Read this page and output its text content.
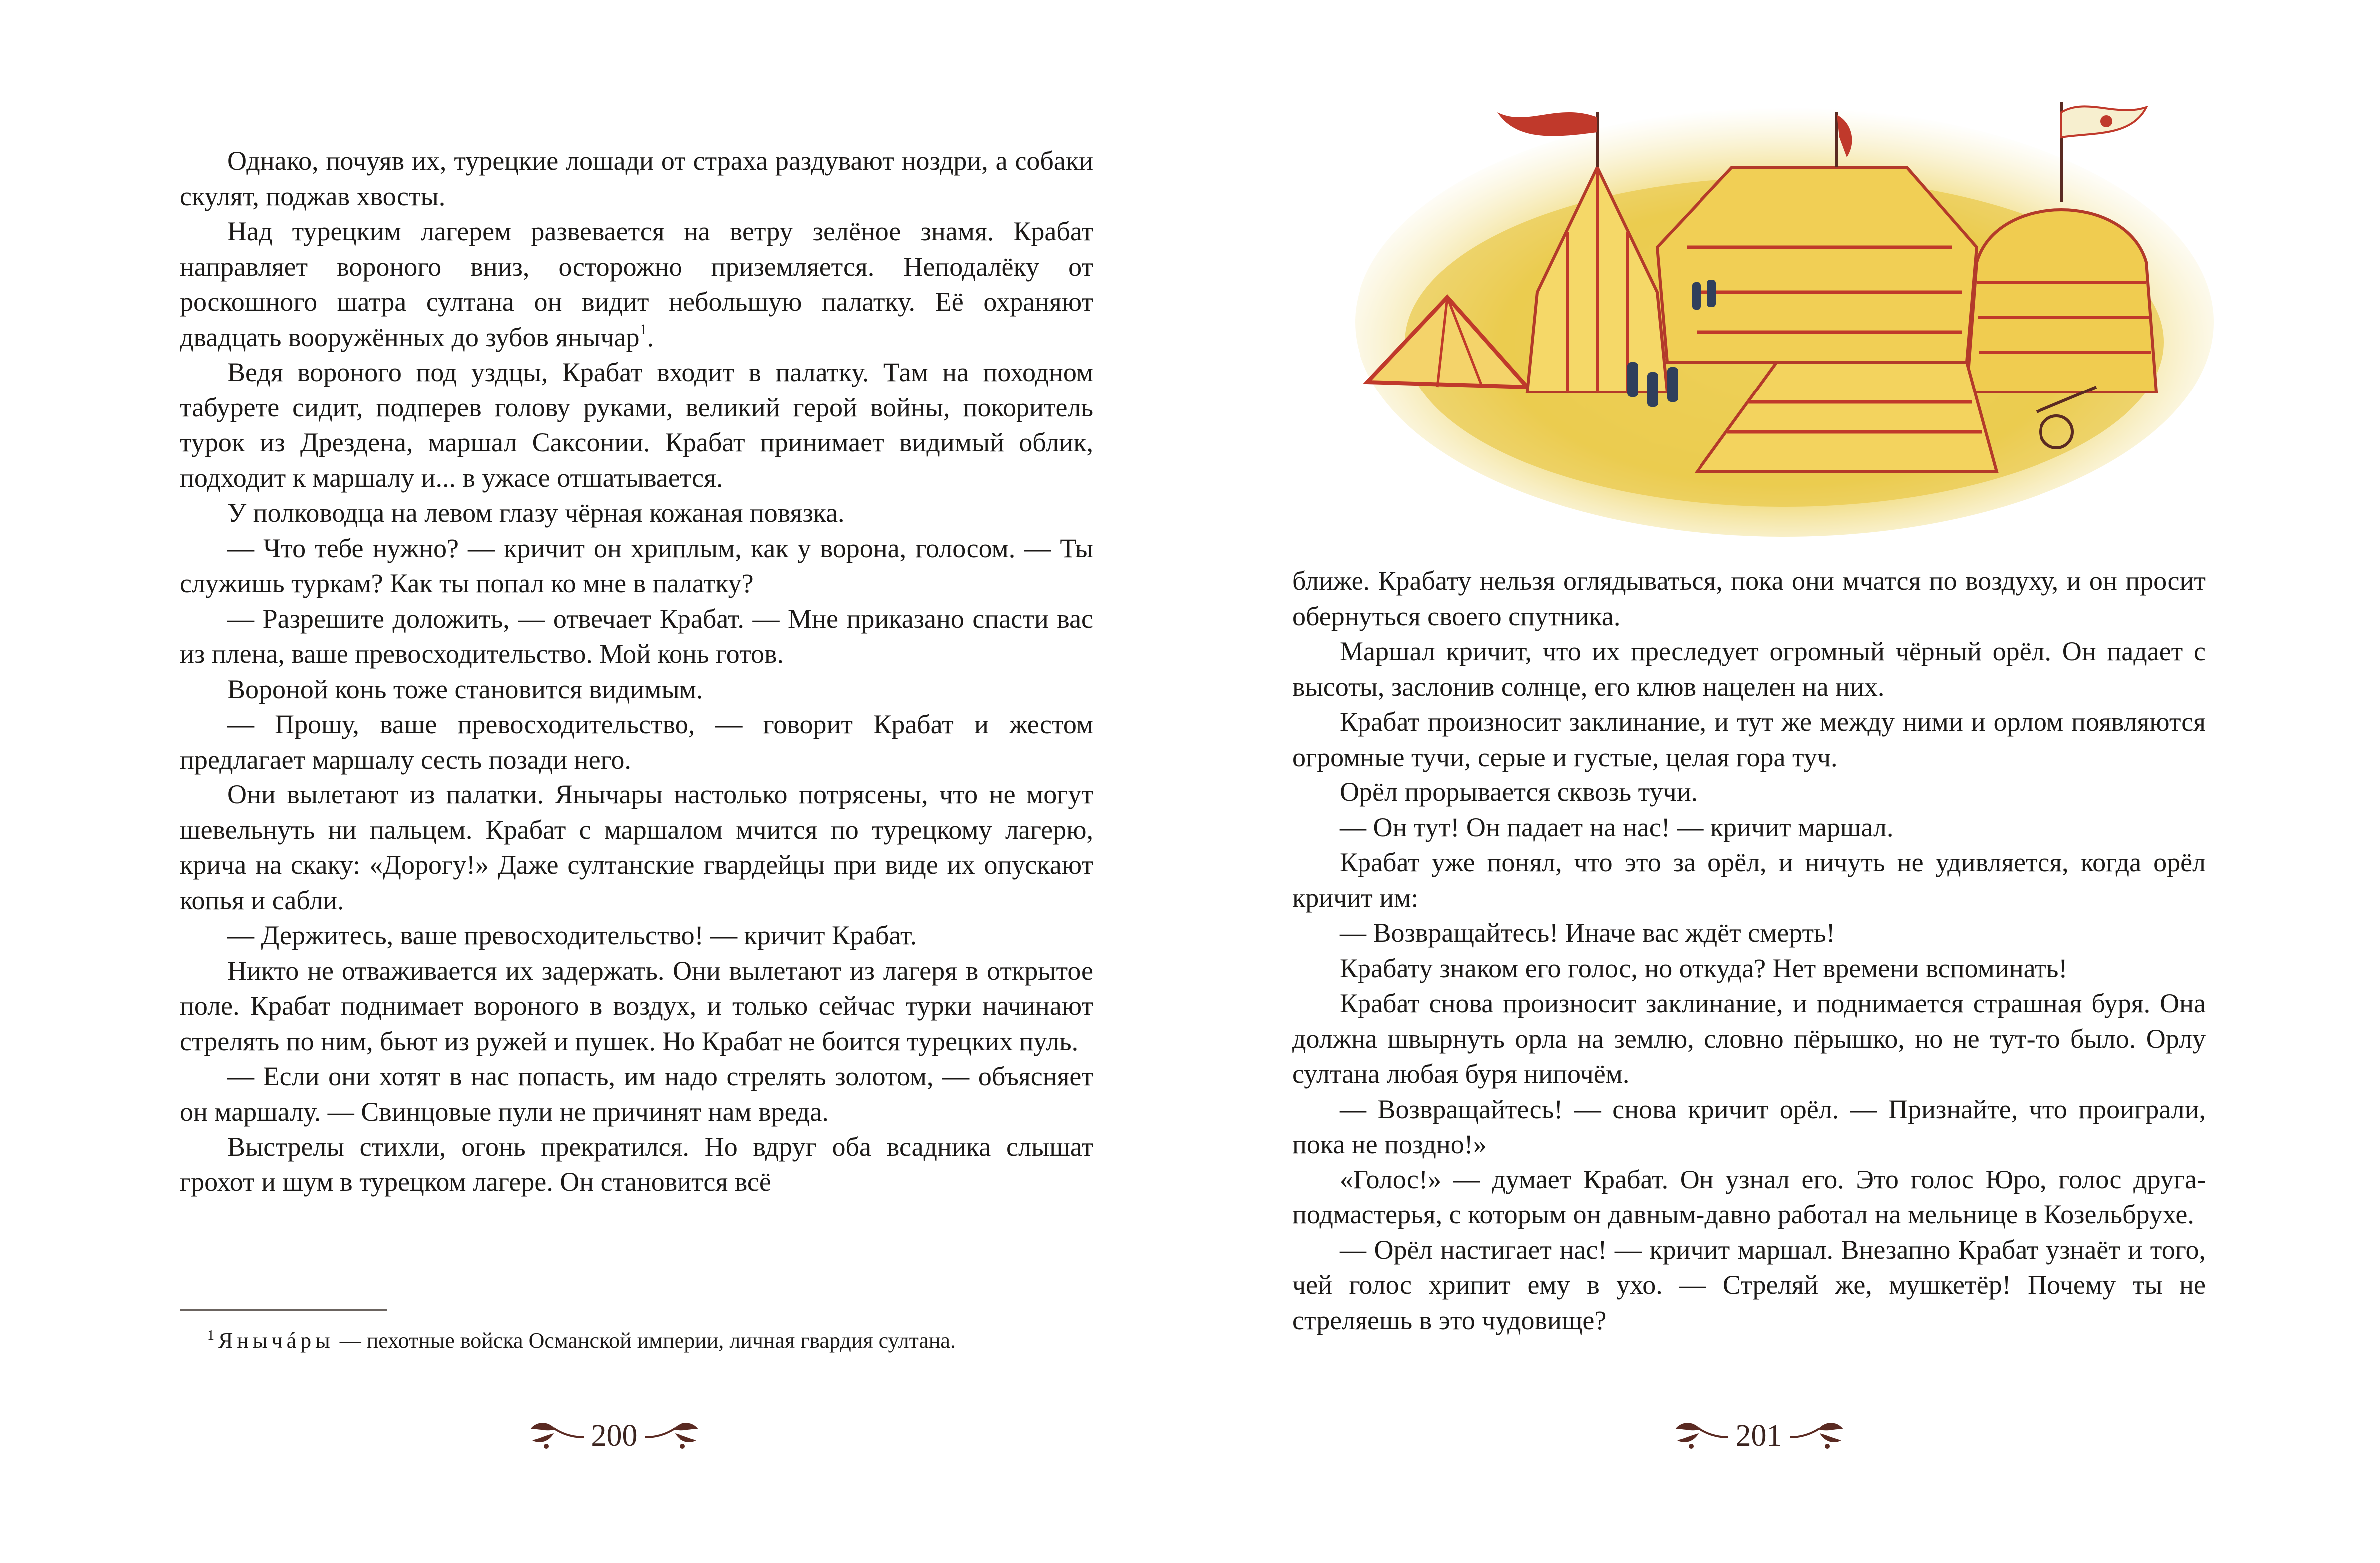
Однако, почуяв их, турецкие лошади от страха раздувают ноздри, а собаки скулят, поджав хвосты.

Над турецким лагерем развевается на ветру зелёное знамя. Крабат направляет вороного вниз, осторожно приземляется. Неподалёку от роскошного шатра султана он видит небольшую палатку. Её охраняют двадцать вооружённых до зубов янычар$^1$.

Ведя вороного под уздцы, Крабат входит в палатку. Там на походном табурете сидит, подперев голову руками, великий герой войны, покоритель турок из Дрездена, маршал Саксонии. Крабат принимает видимый облик, подходит к маршалу и... в ужасе отшатывается.

У полководца на левом глазу чёрная кожаная повязка.

— Что тебе нужно? — кричит он хриплым, как у ворона, голосом. — Ты служишь туркам? Как ты попал ко мне в палатку?

— Разрешите доложить, — отвечает Крабат. — Мне приказано спасти вас из плена, ваше превосходительство. Мой конь готов.

Вороной конь тоже становится видимым.

— Прошу, ваше превосходительство, — говорит Крабат и жестом предлагает маршалу сесть позади него.

Они вылетают из палатки. Янычары настолько потрясены, что не могут шевельнуть ни пальцем. Крабат с маршалом мчится по турецкому лагерю, крича на скаку: «Дорогу!» Даже султанские гвардейцы при виде их опускают копья и сабли.

— Держитесь, ваше превосходительство! — кричит Крабат.

Никто не отваживается их задержать. Они вылетают из лагеря в открытое поле. Крабат поднимает вороного в воздух, и только сейчас турки начинают стрелять по ним, бьют из ружей и пушек. Но Крабат не боится турецких пуль.

— Если они хотят в нас попасть, им надо стрелять золотом, — объясняет он маршалу. — Свинцовые пули не причинят нам вреда.

Выстрелы стихли, огонь прекратился. Но вдруг оба всадника слышат грохот и шум в турецком лагере. Он становится всё

$^1$ Янычáры — пехотные войска Османской империи, личная гвардия султана.
200

ближе. Крабату нельзя оглядываться, пока они мчатся по воздуху, и он просит обернуться своего спутника.

Маршал кричит, что их преследует огромный чёрный орёл. Он падает с высоты, заслонив солнце, его клюв нацелен на них.

Крабат произносит заклинание, и тут же между ними и орлом появляются огромные тучи, серые и густые, целая гора туч.

Орёл прорывается сквозь тучи.

— Он тут! Он падает на нас! — кричит маршал.

Крабат уже понял, что это за орёл, и ничуть не удивляется, когда орёл кричит им:

— Возвращайтесь! Иначе вас ждёт смерть!

Крабату знаком его голос, но откуда? Нет времени вспоминать!

Крабат снова произносит заклинание, и поднимается страшная буря. Она должна швырнуть орла на землю, словно пёрышко, но не тут-то было. Орлу султана любая буря нипочём.

— Возвращайтесь! — снова кричит орёл. — Признайте, что проиграли, пока не поздно!»

«Голос!» — думает Крабат. Он узнал его. Это голос Юро, голос друга-подмастерья, с которым он давным-давно работал на мельнице в Козельбрухе.

— Орёл настигает нас! — кричит маршал. Внезапно Крабат узнаёт и того, чей голос хрипит ему в ухо. — Стреляй же, мушкетёр! Почему ты не стреляешь в это чудовище?

201
